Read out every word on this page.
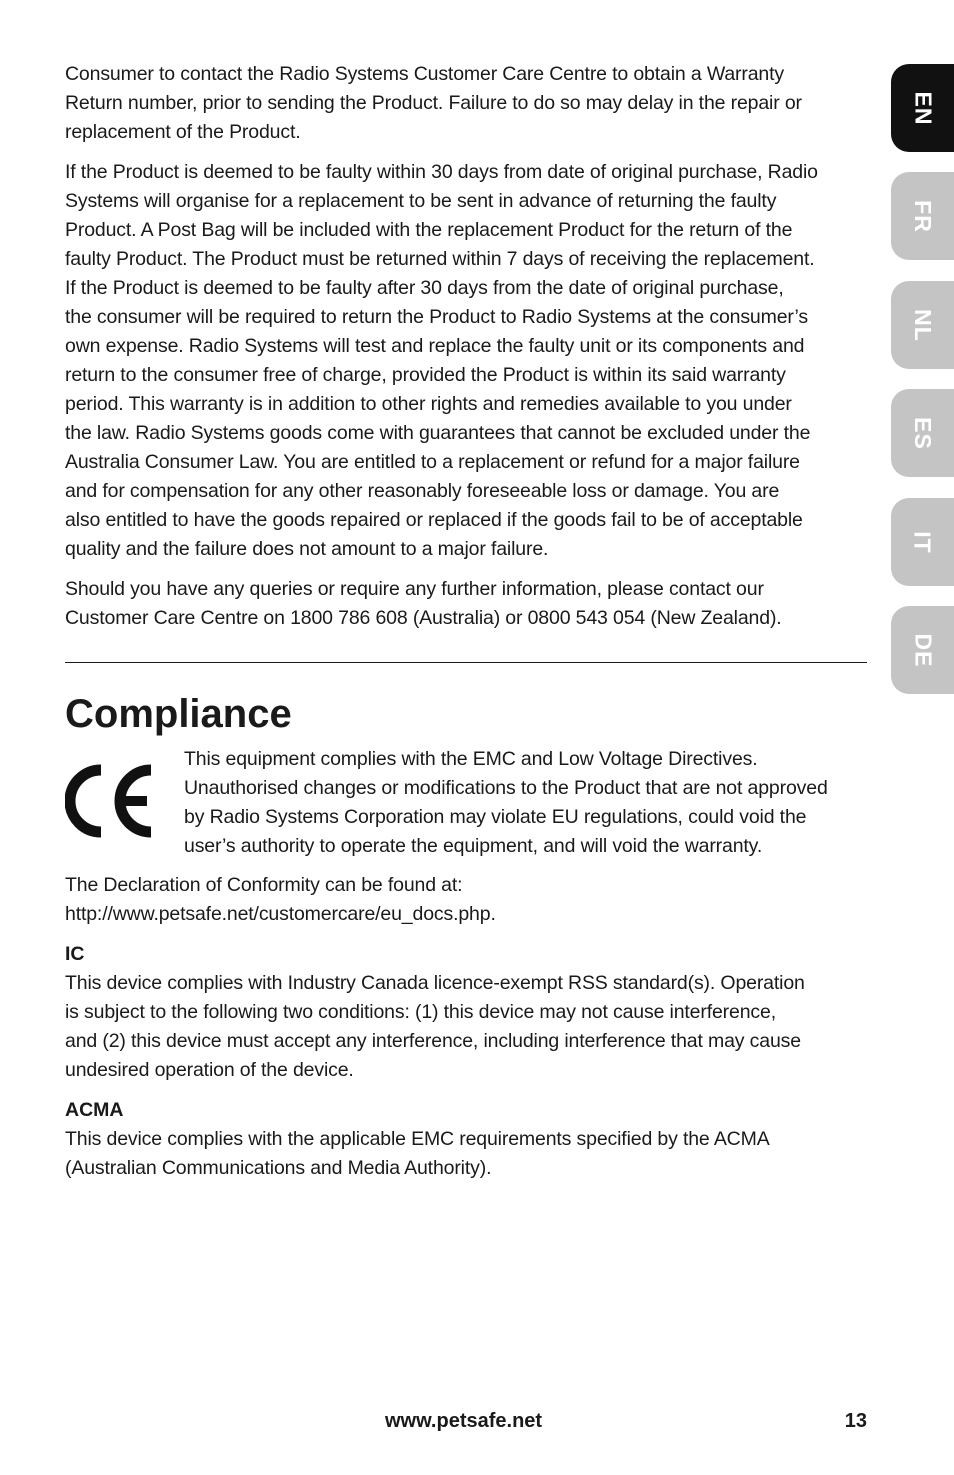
EN
FR
NL
ES
IT
DE

Consumer to contact the Radio Systems Customer Care Centre to obtain a Warranty
Return number, prior to sending the Product. Failure to do so may delay in the repair or
replacement of the Product.

If the Product is deemed to be faulty within 30 days from date of original purchase, Radio
Systems will organise for a replacement to be sent in advance of returning the faulty
Product. A Post Bag will be included with the replacement Product for the return of the
faulty Product. The Product must be returned within 7 days of receiving the replacement.
If the Product is deemed to be faulty after 30 days from the date of original purchase,
the consumer will be required to return the Product to Radio Systems at the consumer’s
own expense. Radio Systems will test and replace the faulty unit or its components and
return to the consumer free of charge, provided the Product is within its said warranty
period. This warranty is in addition to other rights and remedies available to you under
the law. Radio Systems goods come with guarantees that cannot be excluded under the
Australia Consumer Law. You are entitled to a replacement or refund for a major failure
and for compensation for any other reasonably foreseeable loss or damage. You are
also entitled to have the goods repaired or replaced if the goods fail to be of acceptable
quality and the failure does not amount to a major failure.

Should you have any queries or require any further information, please contact our
Customer Care Centre on 1800 786 608 (Australia) or 0800 543 054 (New Zealand).

Compliance

This equipment complies with the EMC and Low Voltage Directives.
Unauthorised changes or modifications to the Product that are not approved
by Radio Systems Corporation may violate EU regulations, could void the
user’s authority to operate the equipment, and will void the warranty.

The Declaration of Conformity can be found at:
http://www.petsafe.net/customercare/eu_docs.php.

IC

This device complies with Industry Canada licence-exempt RSS standard(s). Operation
is subject to the following two conditions: (1) this device may not cause interference,
and (2) this device must accept any interference, including interference that may cause
undesired operation of the device.

ACMA

This device complies with the applicable EMC requirements specified by the ACMA
(Australian Communications and Media Authority).

www.petsafe.net	13
